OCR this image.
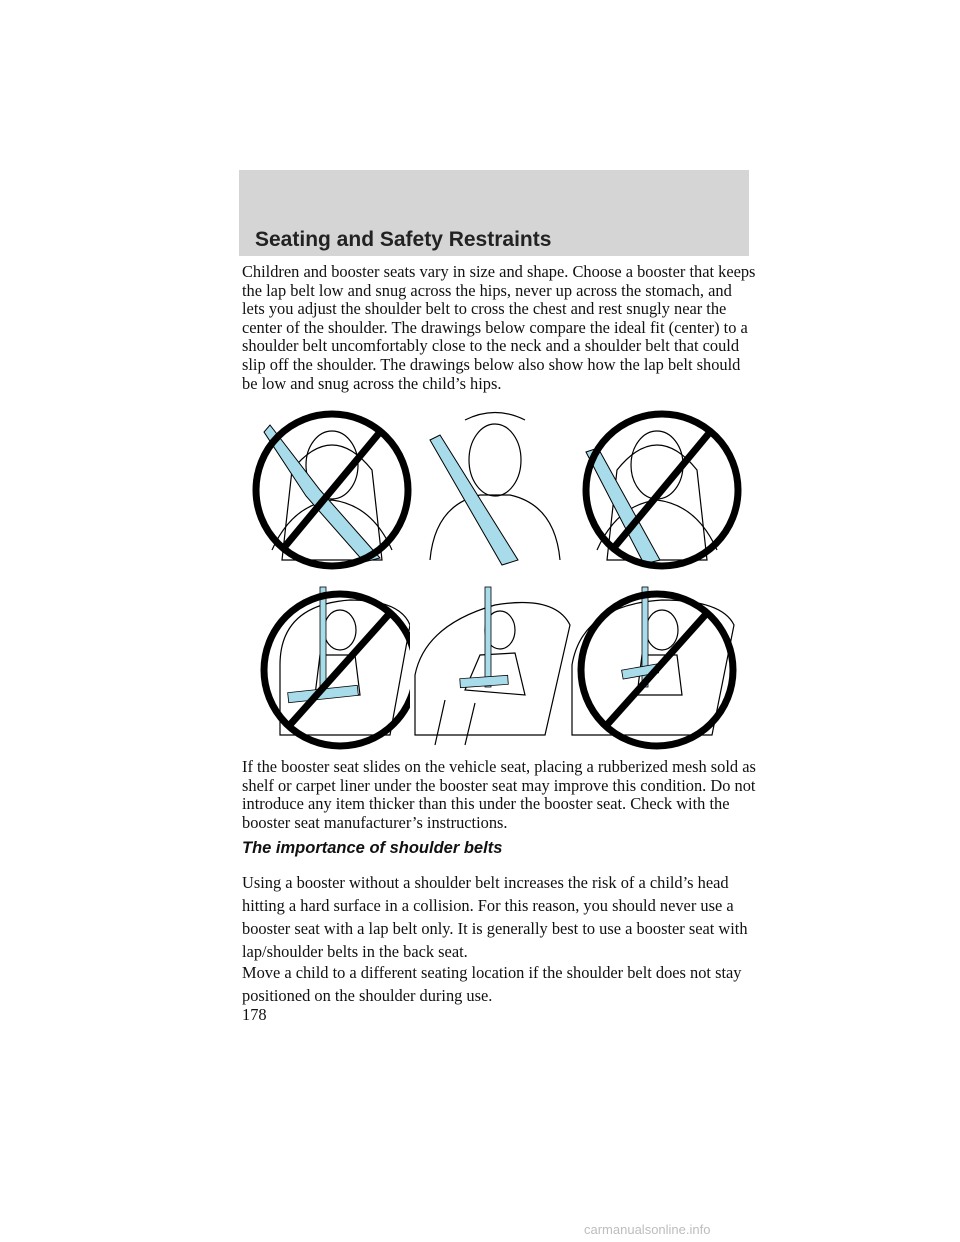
Seating and Safety Restraints

Children and booster seats vary in size and shape. Choose a booster that keeps the lap belt low and snug across the hips, never up across the stomach, and lets you adjust the shoulder belt to cross the chest and rest snugly near the center of the shoulder. The drawings below compare the ideal fit (center) to a shoulder belt uncomfortably close to the neck and a shoulder belt that could slip off the shoulder. The drawings below also show how the lap belt should be low and snug across the child’s hips.

If the booster seat slides on the vehicle seat, placing a rubberized mesh sold as shelf or carpet liner under the booster seat may improve this condition. Do not introduce any item thicker than this under the booster seat. Check with the booster seat manufacturer’s instructions.

The importance of shoulder belts

Using a booster without a shoulder belt increases the risk of a child’s head hitting a hard surface in a collision. For this reason, you should never use a booster seat with a lap belt only. It is generally best to use a booster seat with lap/shoulder belts in the back seat.

Move a child to a different seating location if the shoulder belt does not stay positioned on the shoulder during use.

178
carmanualsonline.info
